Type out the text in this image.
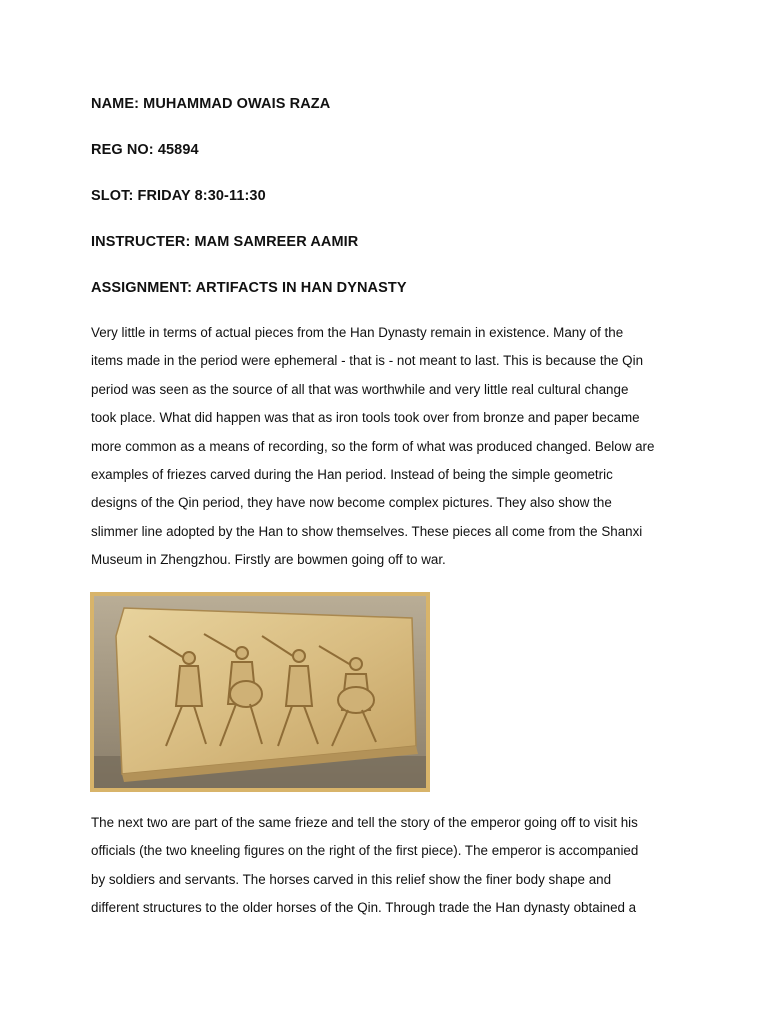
NAME: MUHAMMAD OWAIS RAZA
REG NO: 45894
SLOT: FRIDAY 8:30-11:30
INSTRUCTER: MAM SAMREER AAMIR
ASSIGNMENT: ARTIFACTS IN HAN DYNASTY
Very little in terms of actual pieces from the Han Dynasty remain in existence. Many of the
items made in the period were ephemeral - that is - not meant to last. This is because the Qin
period was seen as the source of all that was worthwhile and very little real cultural change
took place. What did happen was that as iron tools took over from bronze and paper became
more common as a means of recording, so the form of what was produced changed. Below are
examples of friezes carved during the Han period. Instead of being the simple geometric
designs of the Qin period, they have now become complex pictures. They also show the
slimmer line adopted by the Han to show themselves. These pieces all come from the Shanxi
Museum in Zhengzhou. Firstly are bowmen going off to war.
The next two are part of the same frieze and tell the story of the emperor going off to visit his
officials (the two kneeling figures on the right of the first piece). The emperor is accompanied
by soldiers and servants. The horses carved in this relief show the finer body shape and
different structures to the older horses of the Qin. Through trade the Han dynasty obtained a
